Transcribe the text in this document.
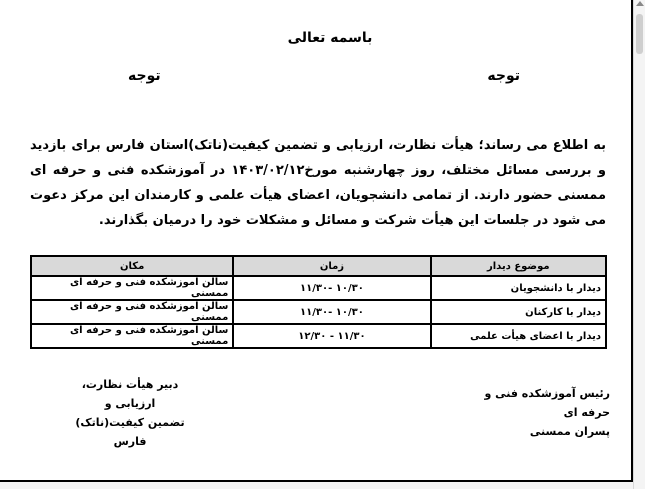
باسمه تعالی
توجه
توجه
به اطلاع می رساند؛ هیأت نظارت، ارزیابی و تضمین کیفیت(ناتک)استان فارس برای بازدید و بررسی مسائل مختلف، روز چهارشنبه مورخ۱۴۰۳/۰۲/۱۲ در آموزشکده فنی و حرفه ای ممسنی حضور دارند. از تمامی دانشجویان، اعضای هیأت علمی و کارمندان این مرکز دعوت می شود در جلسات این هیأت شرکت و مسائل و مشکلات خود را درمیان بگذارند.
موضوع دیدار	زمان	مکان
دیدار با دانشجویان	۱۰/۳۰ -۱۱/۳۰	سالن آموزشکده فنی و حرفه ای ممسنی
دیدار با کارکنان	۱۰/۳۰ -۱۱/۳۰	سالن آموزشکده فنی و حرفه ای ممسنی
دیدار با اعضای هیأت علمی	۱۱/۳۰ - ۱۲/۳۰	سالن آموزشکده فنی و حرفه ای ممسنی
رئیس آموزشکده فنی و حرفه ای
پسران ممسنی
دبیر هیأت نظارت، ارزیابی و
تضمین کیفیت(ناتک) فارس
